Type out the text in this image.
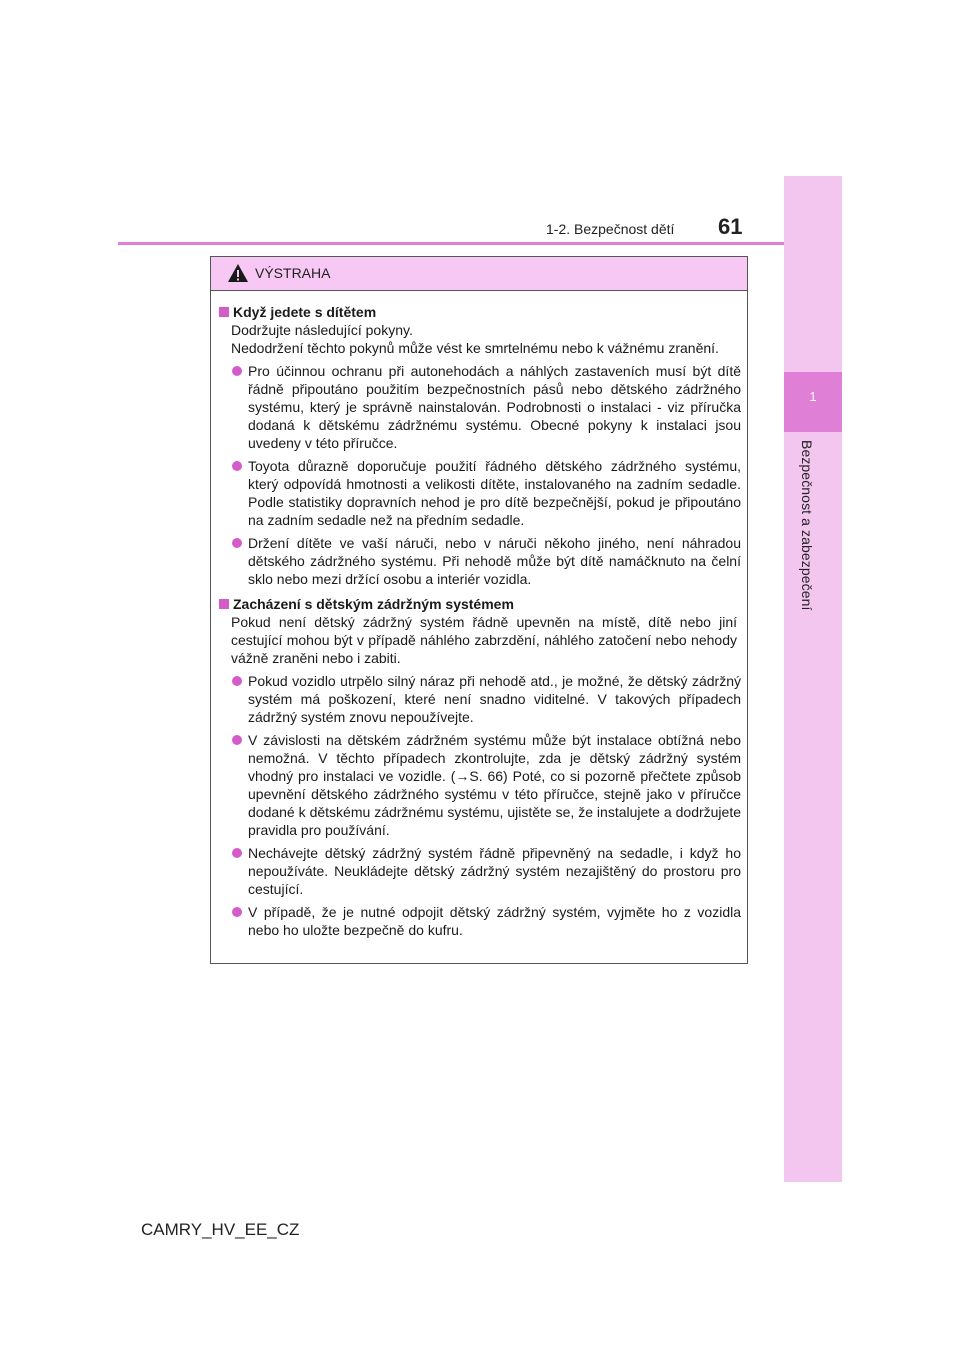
1
Bezpečnost a zabezpečení
1-2. Bezpečnost dětí 61
VÝSTRAHA
Když jedete s dítětem
Dodržujte následující pokyny.
Nedodržení těchto pokynů může vést ke smrtelnému nebo k vážnému zranění.
Pro účinnou ochranu při autonehodách a náhlých zastaveních musí být dítě řádně připoutáno použitím bezpečnostních pásů nebo dětského zádržného systému, který je správně nainstalován. Podrobnosti o instalaci - viz příručka dodaná k dětskému zádržnému systému. Obecné pokyny k instalaci jsou uvedeny v této příručce.
Toyota důrazně doporučuje použití řádného dětského zádržného systému, který odpovídá hmotnosti a velikosti dítěte, instalovaného na zadním sedadle. Podle statistiky dopravních nehod je pro dítě bezpečnější, pokud je připoutáno na zadním sedadle než na předním sedadle.
Držení dítěte ve vaší náruči, nebo v náruči někoho jiného, není náhradou dětského zádržného systému. Při nehodě může být dítě namáčknuto na čelní sklo nebo mezi držící osobu a interiér vozidla.
Zacházení s dětským zádržným systémem
Pokud není dětský zádržný systém řádně upevněn na místě, dítě nebo jiní cestující mohou být v případě náhlého zabrzdění, náhlého zatočení nebo nehody vážně zraněni nebo i zabiti.
Pokud vozidlo utrpělo silný náraz při nehodě atd., je možné, že dětský zádržný systém má poškození, které není snadno viditelné. V takových případech zádržný systém znovu nepoužívejte.
V závislosti na dětském zádržném systému může být instalace obtížná nebo nemožná. V těchto případech zkontrolujte, zda je dětský zádržný systém vhodný pro instalaci ve vozidle. (→S. 66) Poté, co si pozorně přečtete způsob upevnění dětského zádržného systému v této příručce, stejně jako v příručce dodané k dětskému zádržnému systému, ujistěte se, že instalujete a dodržujete pravidla pro používání.
Nechávejte dětský zádržný systém řádně připevněný na sedadle, i když ho nepoužíváte. Neukládejte dětský zádržný systém nezajištěný do prostoru pro cestující.
V případě, že je nutné odpojit dětský zádržný systém, vyjměte ho z vozidla nebo ho uložte bezpečně do kufru.
CAMRY_HV_EE_CZ
